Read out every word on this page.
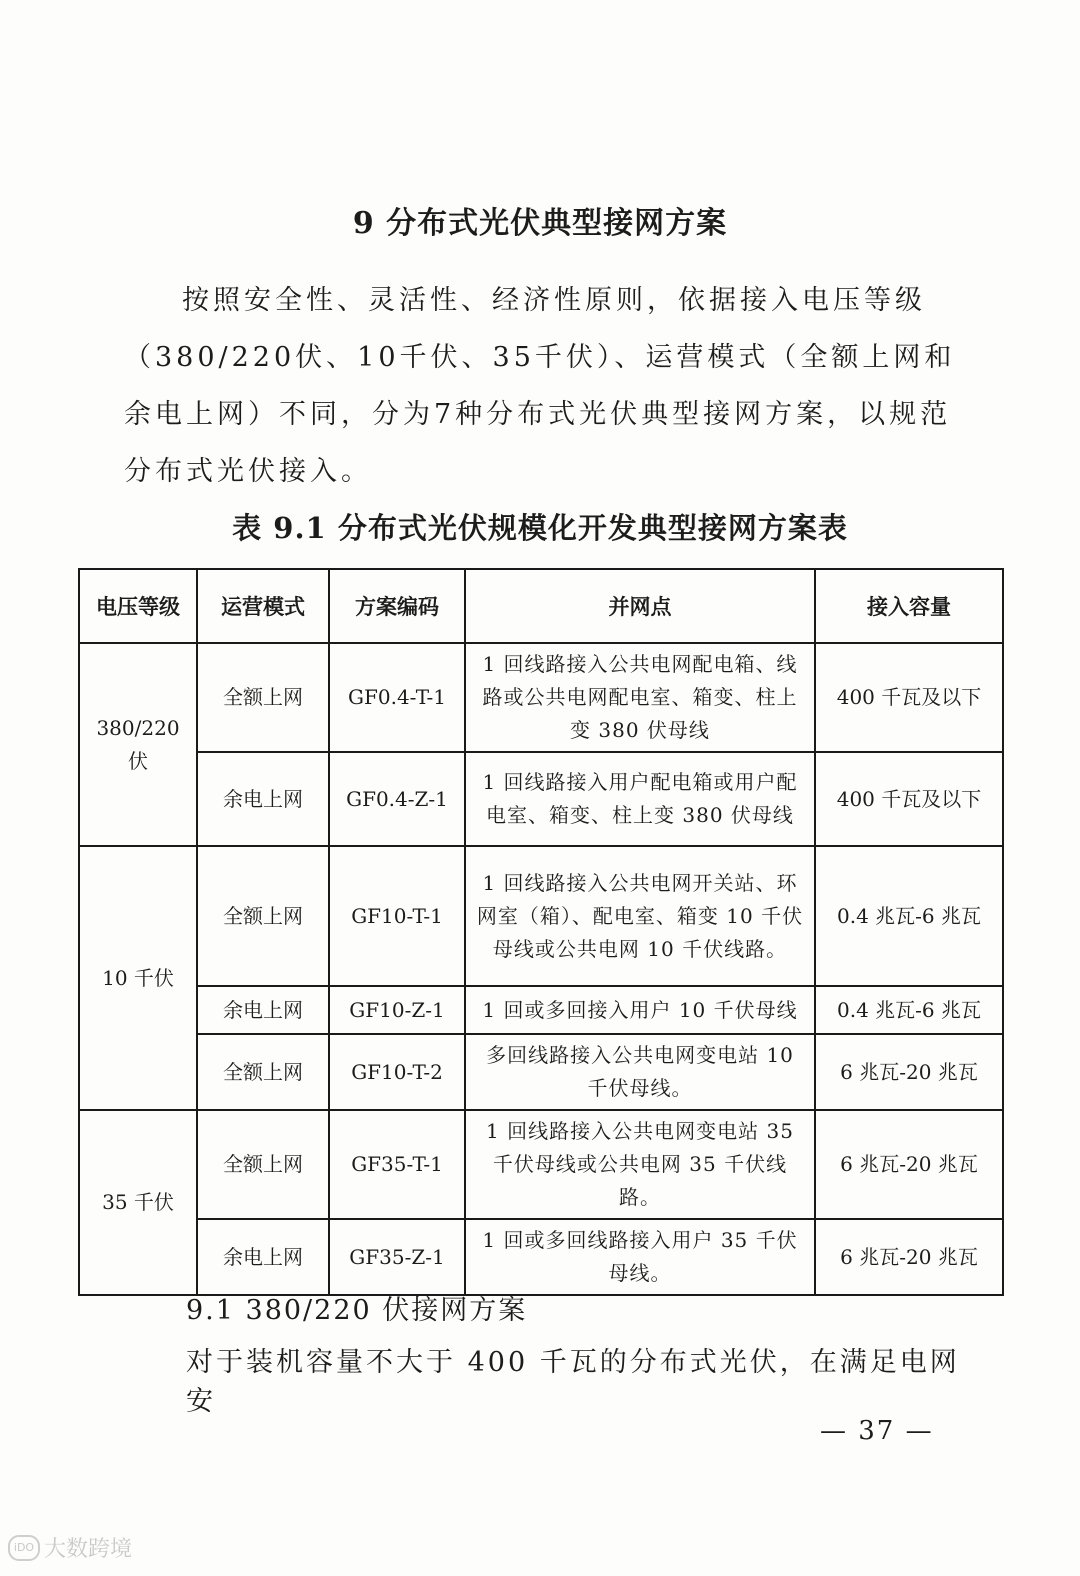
9 分布式光伏典型接网方案
按照安全性、灵活性、经济性原则，依据接入电压等级（380/220伏、10千伏、35千伏）、运营模式（全额上网和余电上网）不同，分为7种分布式光伏典型接网方案，以规范分布式光伏接入。
表 9.1 分布式光伏规模化开发典型接网方案表
电压等级	运营模式	方案编码	并网点	接入容量
380/220 伏	全额上网	GF0.4-T-1	1 回线路接入公共电网配电箱、线路或公共电网配电室、箱变、柱上变 380 伏母线	400 千瓦及以下
	余电上网	GF0.4-Z-1	1 回线路接入用户配电箱或用户配电室、箱变、柱上变 380 伏母线	400 千瓦及以下
10 千伏	全额上网	GF10-T-1	1 回线路接入公共电网开关站、环网室（箱）、配电室、箱变 10 千伏母线或公共电网 10 千伏线路。	0.4 兆瓦-6 兆瓦
	余电上网	GF10-Z-1	1 回或多回接入用户 10 千伏母线	0.4 兆瓦-6 兆瓦
	全额上网	GF10-T-2	多回线路接入公共电网变电站 10 千伏母线。	6 兆瓦-20 兆瓦
35 千伏	全额上网	GF35-T-1	1 回线路接入公共电网变电站 35 千伏母线或公共电网 35 千伏线路。	6 兆瓦-20 兆瓦
	余电上网	GF35-Z-1	1 回或多回线路接入用户 35 千伏母线。	6 兆瓦-20 兆瓦
9.1 380/220 伏接网方案
对于装机容量不大于 400 千瓦的分布式光伏，在满足电网安
— 37 —
iDO 大数跨境
